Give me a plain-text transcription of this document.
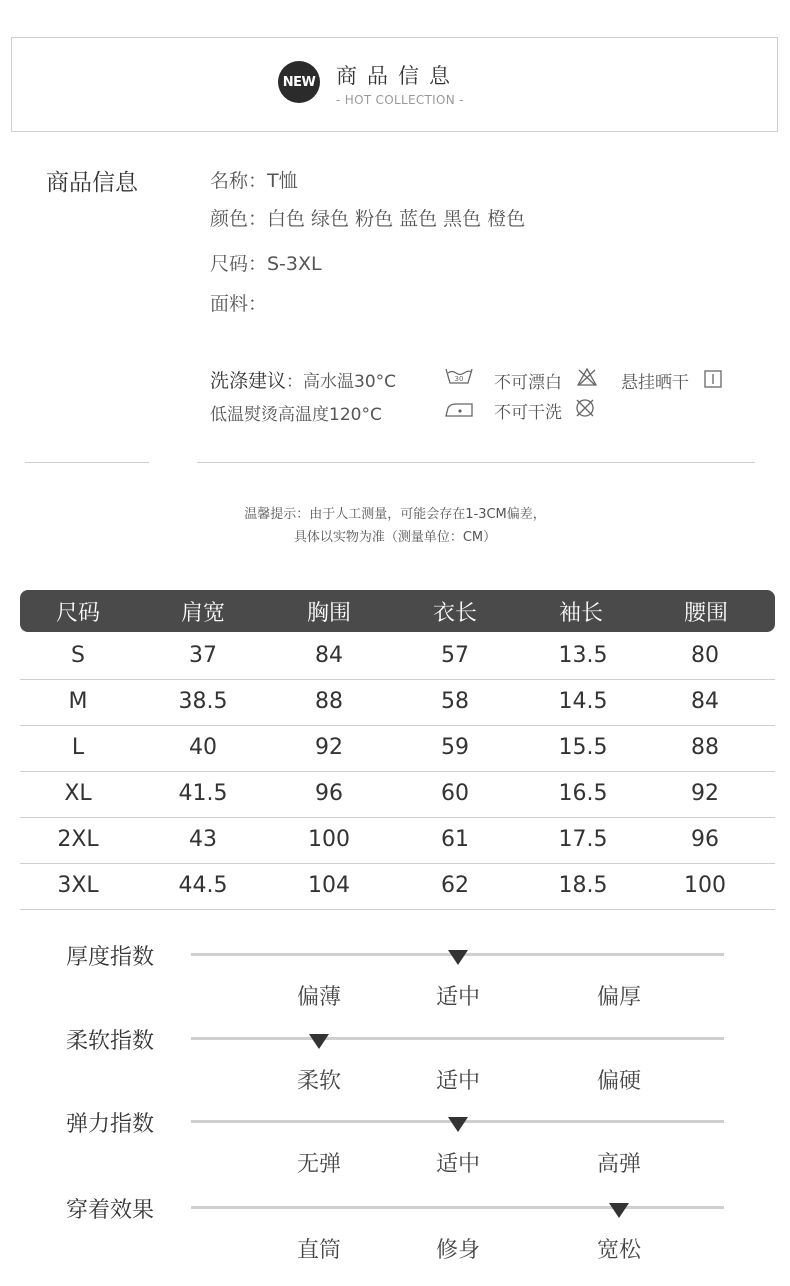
NEW 商品信息
- HOT COLLECTION -
商品信息	名称：T恤
颜色：白色 绿色 粉色 蓝色 黑色 橙色
尺码：S-3XL
面料：
洗涤建议：高水温30°C
低温熨烫高温度120°C
30 不可漂白	悬挂晒干
不可干洗
温馨提示：由于人工测量，可能会存在1-3CM偏差，
具体以实物为准（测量单位：CM）
尺码	肩宽	胸围	衣长	袖长	腰围
S	37	84	57	13.5	80
M	38.5	88	58	14.5	84
L	40	92	59	15.5	88
XL	41.5	96	60	16.5	92
2XL	43	100	61	17.5	96
3XL	44.5	104	62	18.5	100
厚度指数
偏薄	适中	偏厚
柔软指数
柔软	适中	偏硬
弹力指数
无弹	适中	高弹
穿着效果
直筒	修身	宽松
